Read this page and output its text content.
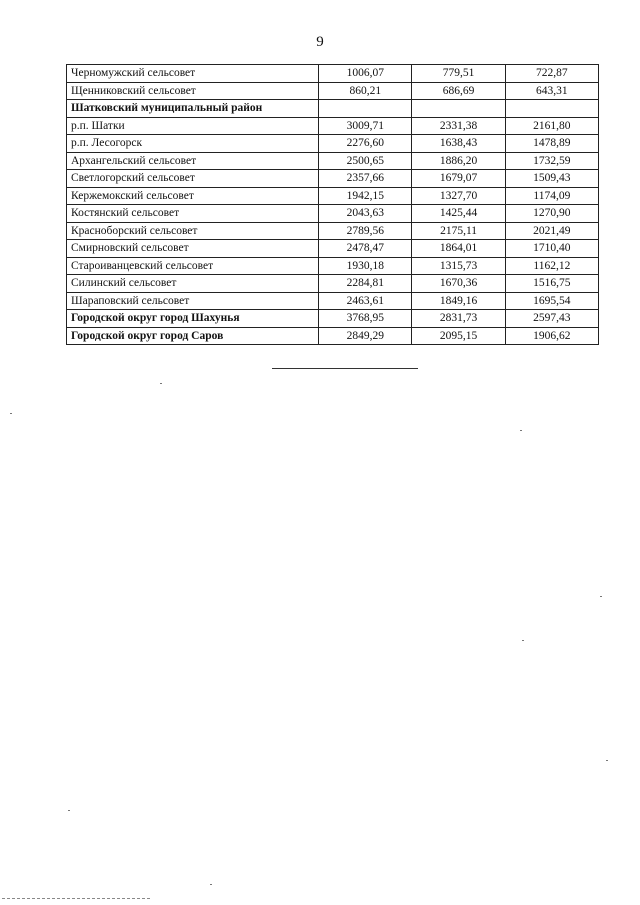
9
Черномужский сельсовет	1006,07	779,51	722,87
Щенниковский сельсовет	860,21	686,69	643,31
Шатковский муниципальный район			
р.п. Шатки	3009,71	2331,38	2161,80
р.п. Лесогорск	2276,60	1638,43	1478,89
Архангельский сельсовет	2500,65	1886,20	1732,59
Светлогорский сельсовет	2357,66	1679,07	1509,43
Кержемокский сельсовет	1942,15	1327,70	1174,09
Костянский сельсовет	2043,63	1425,44	1270,90
Красноборский сельсовет	2789,56	2175,11	2021,49
Смирновский сельсовет	2478,47	1864,01	1710,40
Староиванцевский сельсовет	1930,18	1315,73	1162,12
Силинский сельсовет	2284,81	1670,36	1516,75
Шараповский сельсовет	2463,61	1849,16	1695,54
Городской округ город Шахунья	3768,95	2831,73	2597,43
Городской округ город Саров	2849,29	2095,15	1906,62
